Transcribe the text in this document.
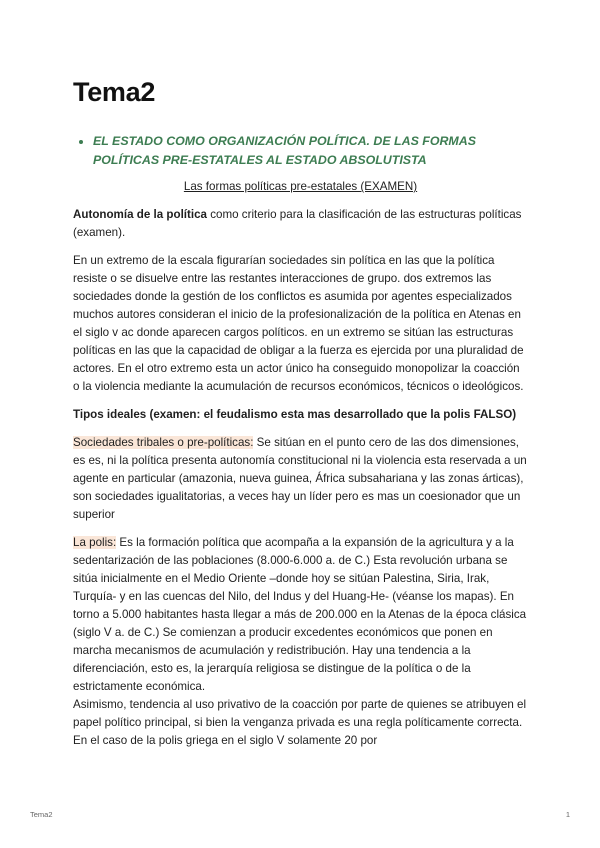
Tema2
• EL ESTADO COMO ORGANIZACIÓN POLÍTICA. DE LAS FORMAS POLÍTICAS PRE-ESTATALES AL ESTADO ABSOLUTISTA
Las formas políticas pre-estatales (EXAMEN)

Autonomía de la política como criterio para la clasificación de las estructuras políticas (examen).

En un extremo de la escala figurarían sociedades sin política en las que la política resiste o se disuelve entre las restantes interacciones de grupo. dos extremos las sociedades donde la gestión de los conflictos es asumida por agentes especializados muchos autores consideran el inicio de la profesionalización de la política en Atenas en el siglo v ac donde aparecen cargos políticos. en un extremo se sitúan las estructuras políticas en las que la capacidad de obligar a la fuerza es ejercida por una pluralidad de actores. En el otro extremo esta un actor único ha conseguido monopolizar la coacción o la violencia mediante la acumulación de recursos económicos, técnicos o ideológicos.

Tipos ideales (examen: el feudalismo esta mas desarrollado que la polis FALSO)

Sociedades tribales o pre-políticas: Se sitúan en el punto cero de las dos dimensiones, es es, ni la política presenta autonomía constitucional ni la violencia esta reservada a un agente en particular (amazonia, nueva guinea, África subsahariana y las zonas árticas), son sociedades igualitatorias, a veces hay un líder pero es mas un coesionador que un superior

La polis: Es la formación política que acompaña a la expansión de la agricultura y a la sedentarización de las poblaciones (8.000-6.000 a. de C.) Esta revolución urbana se sitúa inicialmente en el Medio Oriente –donde hoy se sitúan Palestina, Siria, Irak, Turquía- y en las cuencas del Nilo, del Indus y del Huang-He- (véanse los mapas). En torno a 5.000 habitantes hasta llegar a más de 200.000 en la Atenas de la época clásica (siglo V a. de C.) Se comienzan a producir excedentes económicos que ponen en marcha mecanismos de acumulación y redistribución. Hay una tendencia a la diferenciación, esto es, la jerarquía religiosa se distingue de la política o de la estrictamente económica.

Asimismo, tendencia al uso privativo de la coacción por parte de quienes se atribuyen el papel político principal, si bien la venganza privada es una regla políticamente correcta. En el caso de la polis griega en el siglo V solamente 20 por

Tema2	1
